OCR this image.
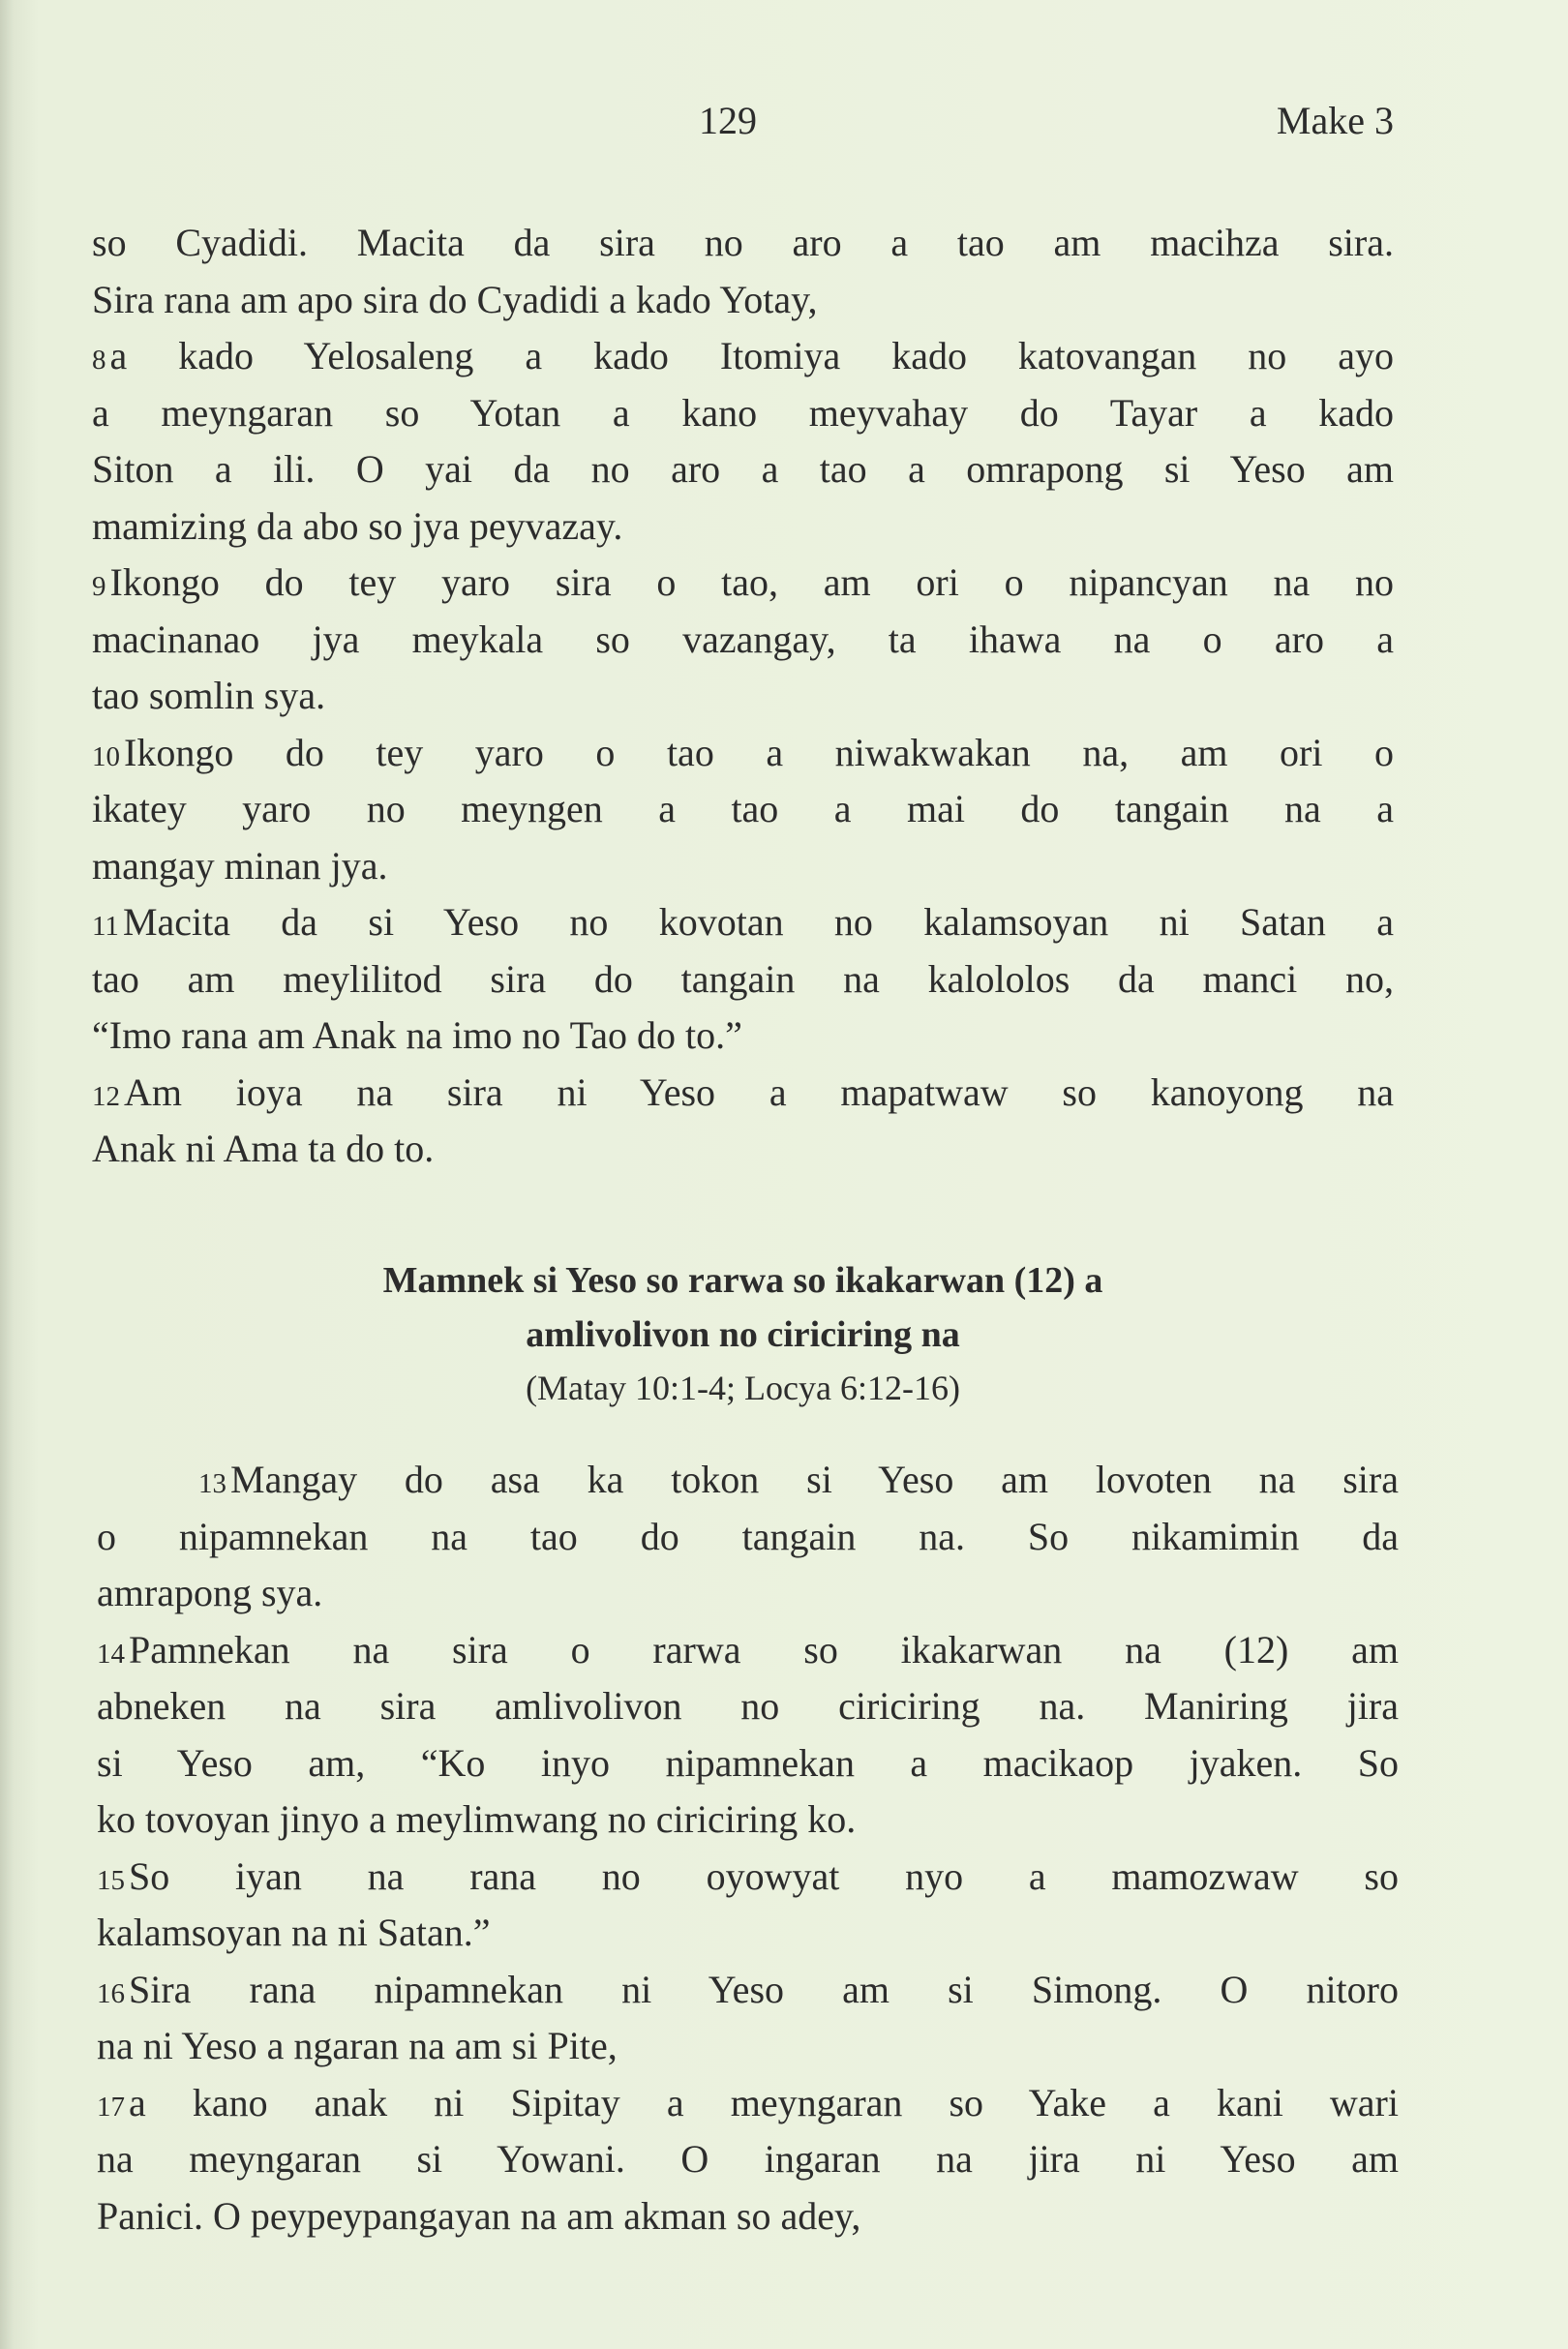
129	Make 3
so Cyadidi. Macita da sira no aro a tao am macihza sira.
Sira rana am apo sira do Cyadidi a kado Yotay,
8 a kado Yelosaleng a kado Itomiya kado katovangan no ayo
a meyngaran so Yotan a kano meyvahay do Tayar a kado
Siton a ili. O yai da no aro a tao a omrapong si Yeso am
mamizing da abo so jya peyvazay.
9 Ikongo do tey yaro sira o tao, am ori o nipancyan na no
macinanao jya meykala so vazangay, ta ihawa na o aro a
tao somlin sya.
10 Ikongo do tey yaro o tao a niwakwakan na, am ori o
ikatey yaro no meyngen a tao a mai do tangain na a
mangay minan jya.
11 Macita da si Yeso no kovotan no kalamsoyan ni Satan a
tao am meylilitod sira do tangain na kalololos da manci no,
“Imo rana am Anak na imo no Tao do to.”
12 Am ioya na sira ni Yeso a mapatwaw so kanoyong na
Anak ni Ama ta do to.

Mamnek si Yeso so rarwa so ikakarwan (12) a

amlivolivon no ciriciring na

(Matay 10:1-4; Locya 6:12-16)

13 Mangay do asa ka tokon si Yeso am lovoten na sira
o nipamnekan na tao do tangain na. So nikamimin da
amrapong sya.
14 Pamnekan na sira o rarwa so ikakarwan na (12) am
abneken na sira amlivolivon no ciriciring na. Maniring jira
si Yeso am, “Ko inyo nipamnekan a macikaop jyaken. So
ko tovoyan jinyo a meylimwang no ciriciring ko.
15 So iyan na rana no oyowyat nyo a mamozwaw so
kalamsoyan na ni Satan.”
16 Sira rana nipamnekan ni Yeso am si Simong. O nitoro
na ni Yeso a ngaran na am si Pite,
17 a kano anak ni Sipitay a meyngaran so Yake a kani wari
na meyngaran si Yowani. O ingaran na jira ni Yeso am
Panici. O peypeypangayan na am akman so adey,
